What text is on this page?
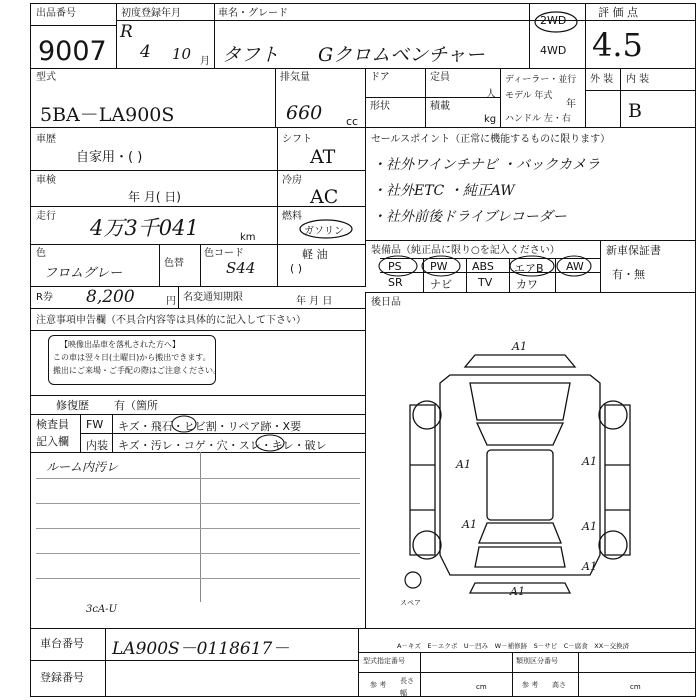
出品番号
9007
初度登録年月
R
4 10 月
車名・グレード
タフト Gクロムベンチャー
2WD
4WD
評 価 点
4.5
外 装 内 装
B
型式
5BA－LA900S
排気量
660 cc
ドア	定員
人
形状	積載
kg
ディーラー・並行
モデル 年式
年
ハンドル 左・右
車歴
自家用・( )
シフト
AT
車検
年 月( 日)
冷房
AC
走行 4万3千041	km
燃料
ガソリン
軽 油
( )
色
フロムグレー
色替
色コード
S44
R券 8,200	円 名変通知期限	年 月 日
セールスポイント（正常に機能するものに限ります）
・社外ワインチナビ ・バックカメラ
・社外ETC ・純正AW
・社外前後ドライブレコーダー
装備品（純正品に限り○を記入ください）
PS	PW ABS エアB AW
SR ナビ TV カワ
新車保証書
有・無
後日品
注意事項申告欄（不具合内容等は具体的に記入して下さい）
【映像出品車を落札された方へ】
この車は翌々日(土曜日)から搬出できます。
搬出にご来場・ご手配の際はご注意ください。
修復歴 有（箇所
検査員
記入欄
FW キズ・飛石・ヒビ割・リペア跡・X要
内装 キズ・汚レ・コゲ・穴・スレ・キレ・破レ
ルーム内汚レ
3cA-U
A1
A1
A1
A1	A1
A1
A1
スペア
A－キズ　E－エクボ　U－凹み　W－補修跡　S－サビ　C－腐食　XX－交換済
車台番号 LA900S－0118617－
登録番号
型式指定番号	類別区分番号
参 考 長さ
幅
cm	参 考 高さ	cm
